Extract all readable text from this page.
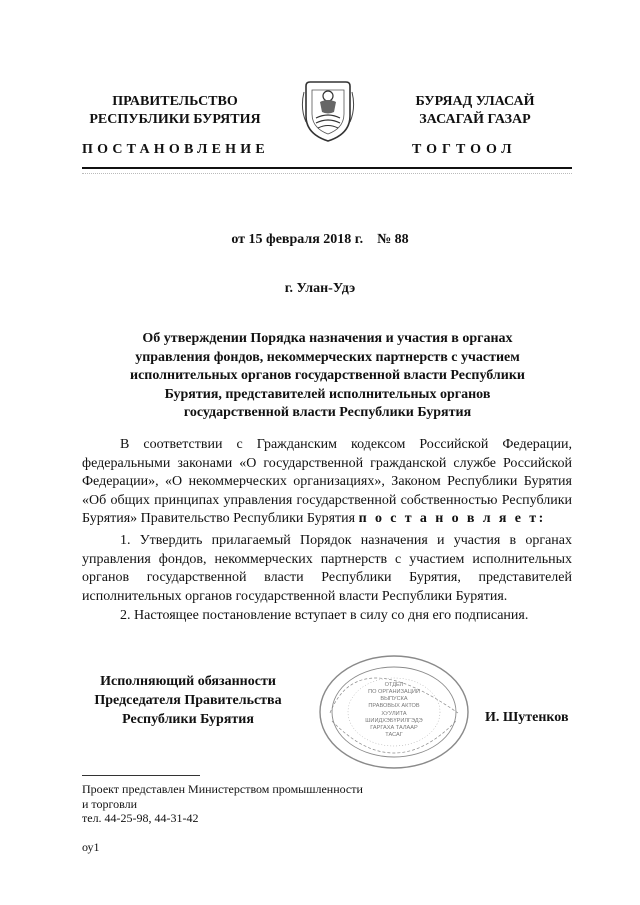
ПРАВИТЕЛЬСТВО
РЕСПУБЛИКИ БУРЯТИЯ
БУРЯАД УЛАСАЙ
ЗАСАГАЙ ГАЗАР
ПОСТАНОВЛЕНИЕ	ТОГТООЛ
от 15 февраля 2018 г. № 88
г. Улан-Удэ
Об утверждении Порядка назначения и участия в органах управления фондов, некоммерческих партнерств с участием исполнительных органов государственной власти Республики Бурятия, представителей исполнительных органов государственной власти Республики Бурятия
В соответствии с Гражданским кодексом Российской Федерации, федеральными законами «О государственной гражданской службе Российской Федерации», «О некоммерческих организациях», Законом Республики Бурятия «Об общих принципах управления государственной собственностью Республики Бурятия» Правительство Республики Бурятия п о с т а н о в л я е т:
1. Утвердить прилагаемый Порядок назначения и участия в органах управления фондов, некоммерческих партнерств с участием исполнительных органов государственной власти Республики Бурятия, представителей исполнительных органов государственной власти Республики Бурятия.
2. Настоящее постановление вступает в силу со дня его подписания.
Исполняющий обязанности
Председателя Правительства
Республики Бурятия
ОТДЕЛ
ПО ОРГАНИЗАЦИИ
ВЫПУСКА
ПРАВОВЫХ АКТОВ
ХУУЛИТА
ШИИДХЭБҮРИЛГЭДЭ
ГАРГАХА ТАЛААР
ТАСАГ
И. Шутенков
Проект представлен Министерством промышленности
и торговли
тел. 44-25-98, 44-31-42
оу1
